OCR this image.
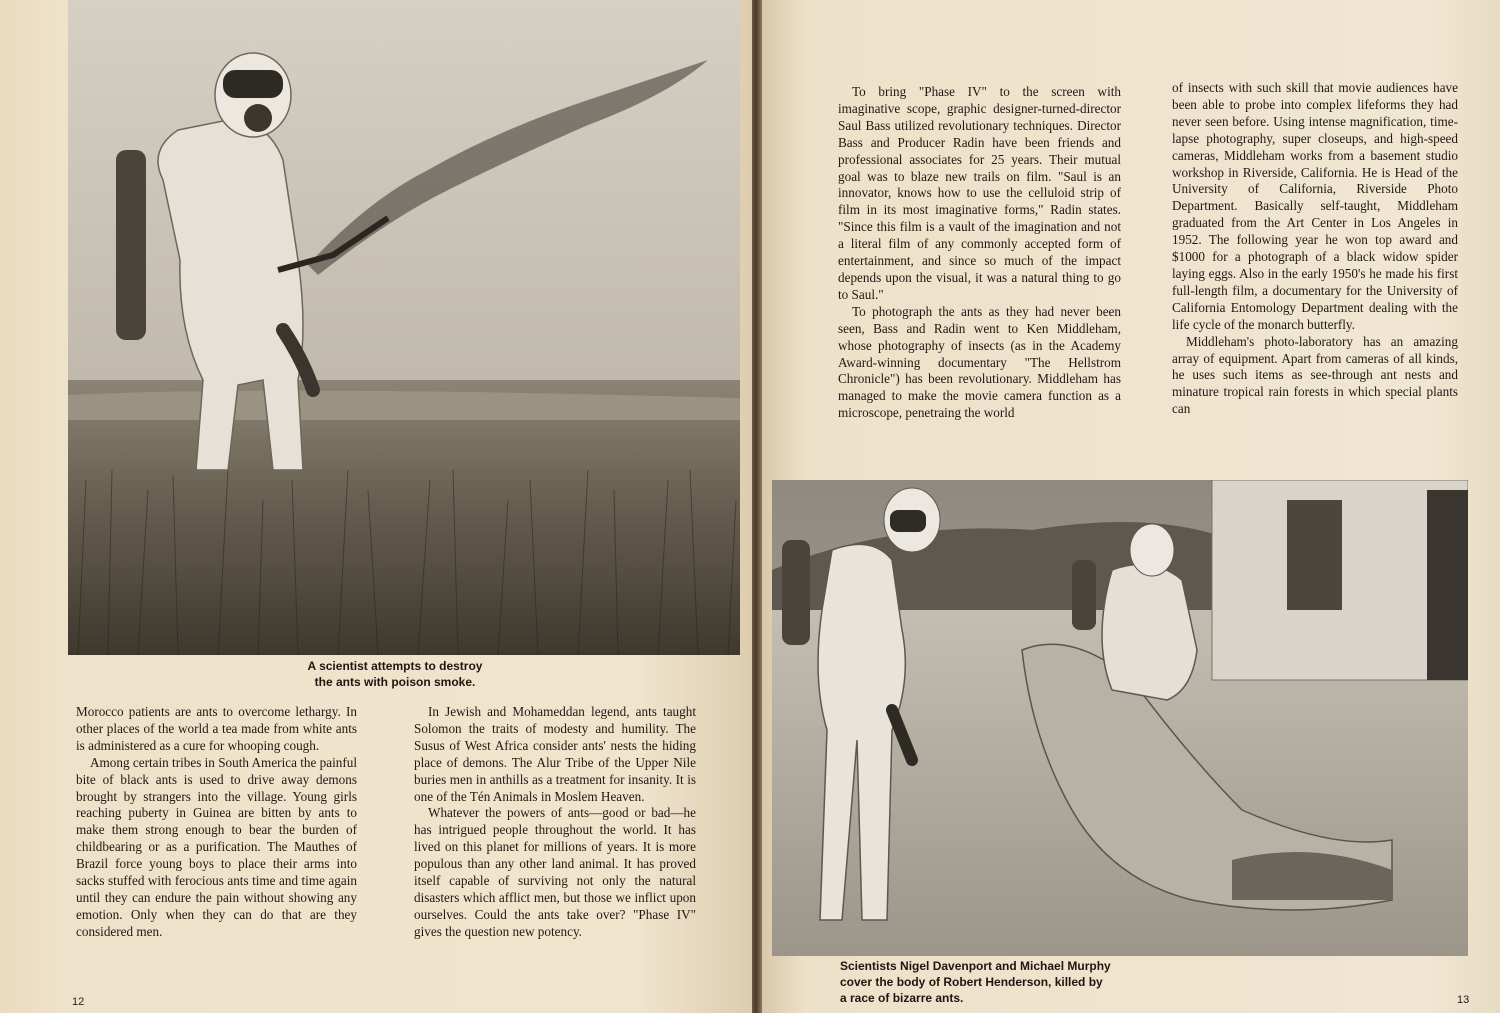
A scientist attempts to destroy
the ants with poison smoke.

Morocco patients are ants to overcome lethargy. In other places of the world a tea made from white ants is administered as a cure for whooping cough.

Among certain tribes in South America the painful bite of black ants is used to drive away demons brought by strangers into the village. Young girls reaching puberty in Guinea are bitten by ants to make them strong enough to bear the burden of childbearing or as a purification. The Mauthes of Brazil force young boys to place their arms into sacks stuffed with ferocious ants time and time again until they can endure the pain without showing any emotion. Only when they can do that are they considered men.

In Jewish and Mohameddan legend, ants taught Solomon the traits of modesty and humility. The Susus of West Africa consider ants' nests the hiding place of demons. The Alur Tribe of the Upper Nile buries men in anthills as a treatment for insanity. It is one of the Tén Animals in Moslem Heaven.

Whatever the powers of ants—good or bad—he has intrigued people throughout the world. It has lived on this planet for millions of years. It is more populous than any other land animal. It has proved itself capable of surviving not only the natural disasters which afflict men, but those we inflict upon ourselves. Could the ants take over? "Phase IV" gives the question new potency.

12

To bring "Phase IV" to the screen with imaginative scope, graphic designer-turned-director Saul Bass utilized revolutionary techniques. Director Bass and Producer Radin have been friends and professional associates for 25 years. Their mutual goal was to blaze new trails on film. "Saul is an innovator, knows how to use the celluloid strip of film in its most imaginative forms," Radin states. "Since this film is a vault of the imagination and not a literal film of any commonly accepted form of entertainment, and since so much of the impact depends upon the visual, it was a natural thing to go to Saul."

To photograph the ants as they had never been seen, Bass and Radin went to Ken Middleham, whose photography of insects (as in the Academy Award-winning documentary "The Hellstrom Chronicle") has been revolutionary. Middleham has managed to make the movie camera function as a microscope, penetraing the world

of insects with such skill that movie audiences have been able to probe into complex lifeforms they had never seen before. Using intense magnification, time-lapse photography, super closeups, and high-speed cameras, Middleham works from a basement studio workshop in Riverside, California. He is Head of the University of California, Riverside Photo Department. Basically self-taught, Middleham graduated from the Art Center in Los Angeles in 1952. The following year he won top award and $1000 for a photograph of a black widow spider laying eggs. Also in the early 1950's he made his first full-length film, a documentary for the University of California Entomology Department dealing with the life cycle of the monarch butterfly.

Middleham's photo-laboratory has an amazing array of equipment. Apart from cameras of all kinds, he uses such items as see-through ant nests and minature tropical rain forests in which special plants can

Scientists Nigel Davenport and Michael Murphy
cover the body of Robert Henderson, killed by
a race of bizarre ants.	13
